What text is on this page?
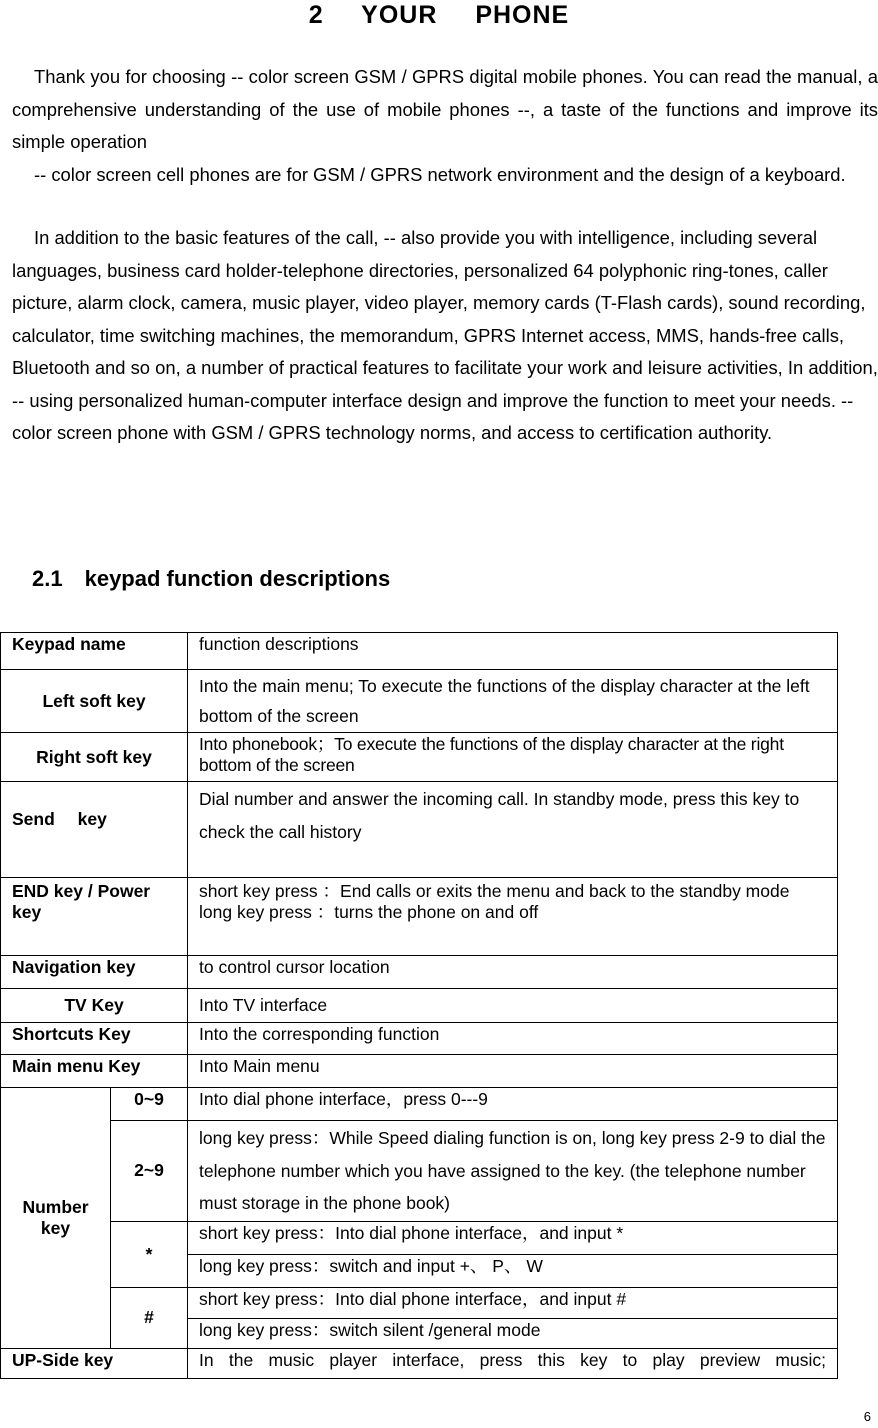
2 YOUR PHONE

Thank you for choosing -- color screen GSM / GPRS digital mobile phones. You can read the manual, a comprehensive understanding of the use of mobile phones --, a taste of the functions and improve its simple operation

-- color screen cell phones are for GSM / GPRS network environment and the design of a keyboard.

In addition to the basic features of the call, -- also provide you with intelligence, including several languages, business card holder-telephone directories, personalized 64 polyphonic ring-tones, caller picture, alarm clock, camera, music player, video player, memory cards (T-Flash cards), sound recording, calculator, time switching machines, the memorandum, GPRS Internet access, MMS, hands-free calls, Bluetooth and so on, a number of practical features to facilitate your work and leisure activities, In addition, -- using personalized human-computer interface design and improve the function to meet your needs. -- color screen phone with GSM / GPRS technology norms, and access to certification authority.

2.1 keypad function descriptions
Keypad name		function descriptions
Left soft key		Into the main menu; To execute the functions of the display character at the left bottom of the screen
Right soft key		Into phonebook；To execute the functions of the display character at the right bottom of the screen
Send key		Dial number and answer the incoming call. In standby mode, press this key to check the call history
END key / Power key		short key press ：End calls or exits the menu and back to the standby mode
long key press ：turns the phone on and off

Navigation key		to control cursor location
TV Key		Into TV interface
Shortcuts Key		Into the corresponding function
Main menu Key		Into Main menu
Number key	0~9	Into dial phone interface，press 0---9
	2~9	long key press：While Speed dialing function is on, long key press 2-9 to dial the telephone number which you have assigned to the key. (the telephone number must storage in the phone book)
	*	short key press：Into dial phone interface，and input *
		long key press：switch and input +、 P、 W
	#	short key press：Into dial phone interface，and input #
		long key press：switch silent /general mode
UP-Side key		In the music player interface, press this key to play preview music;
6
